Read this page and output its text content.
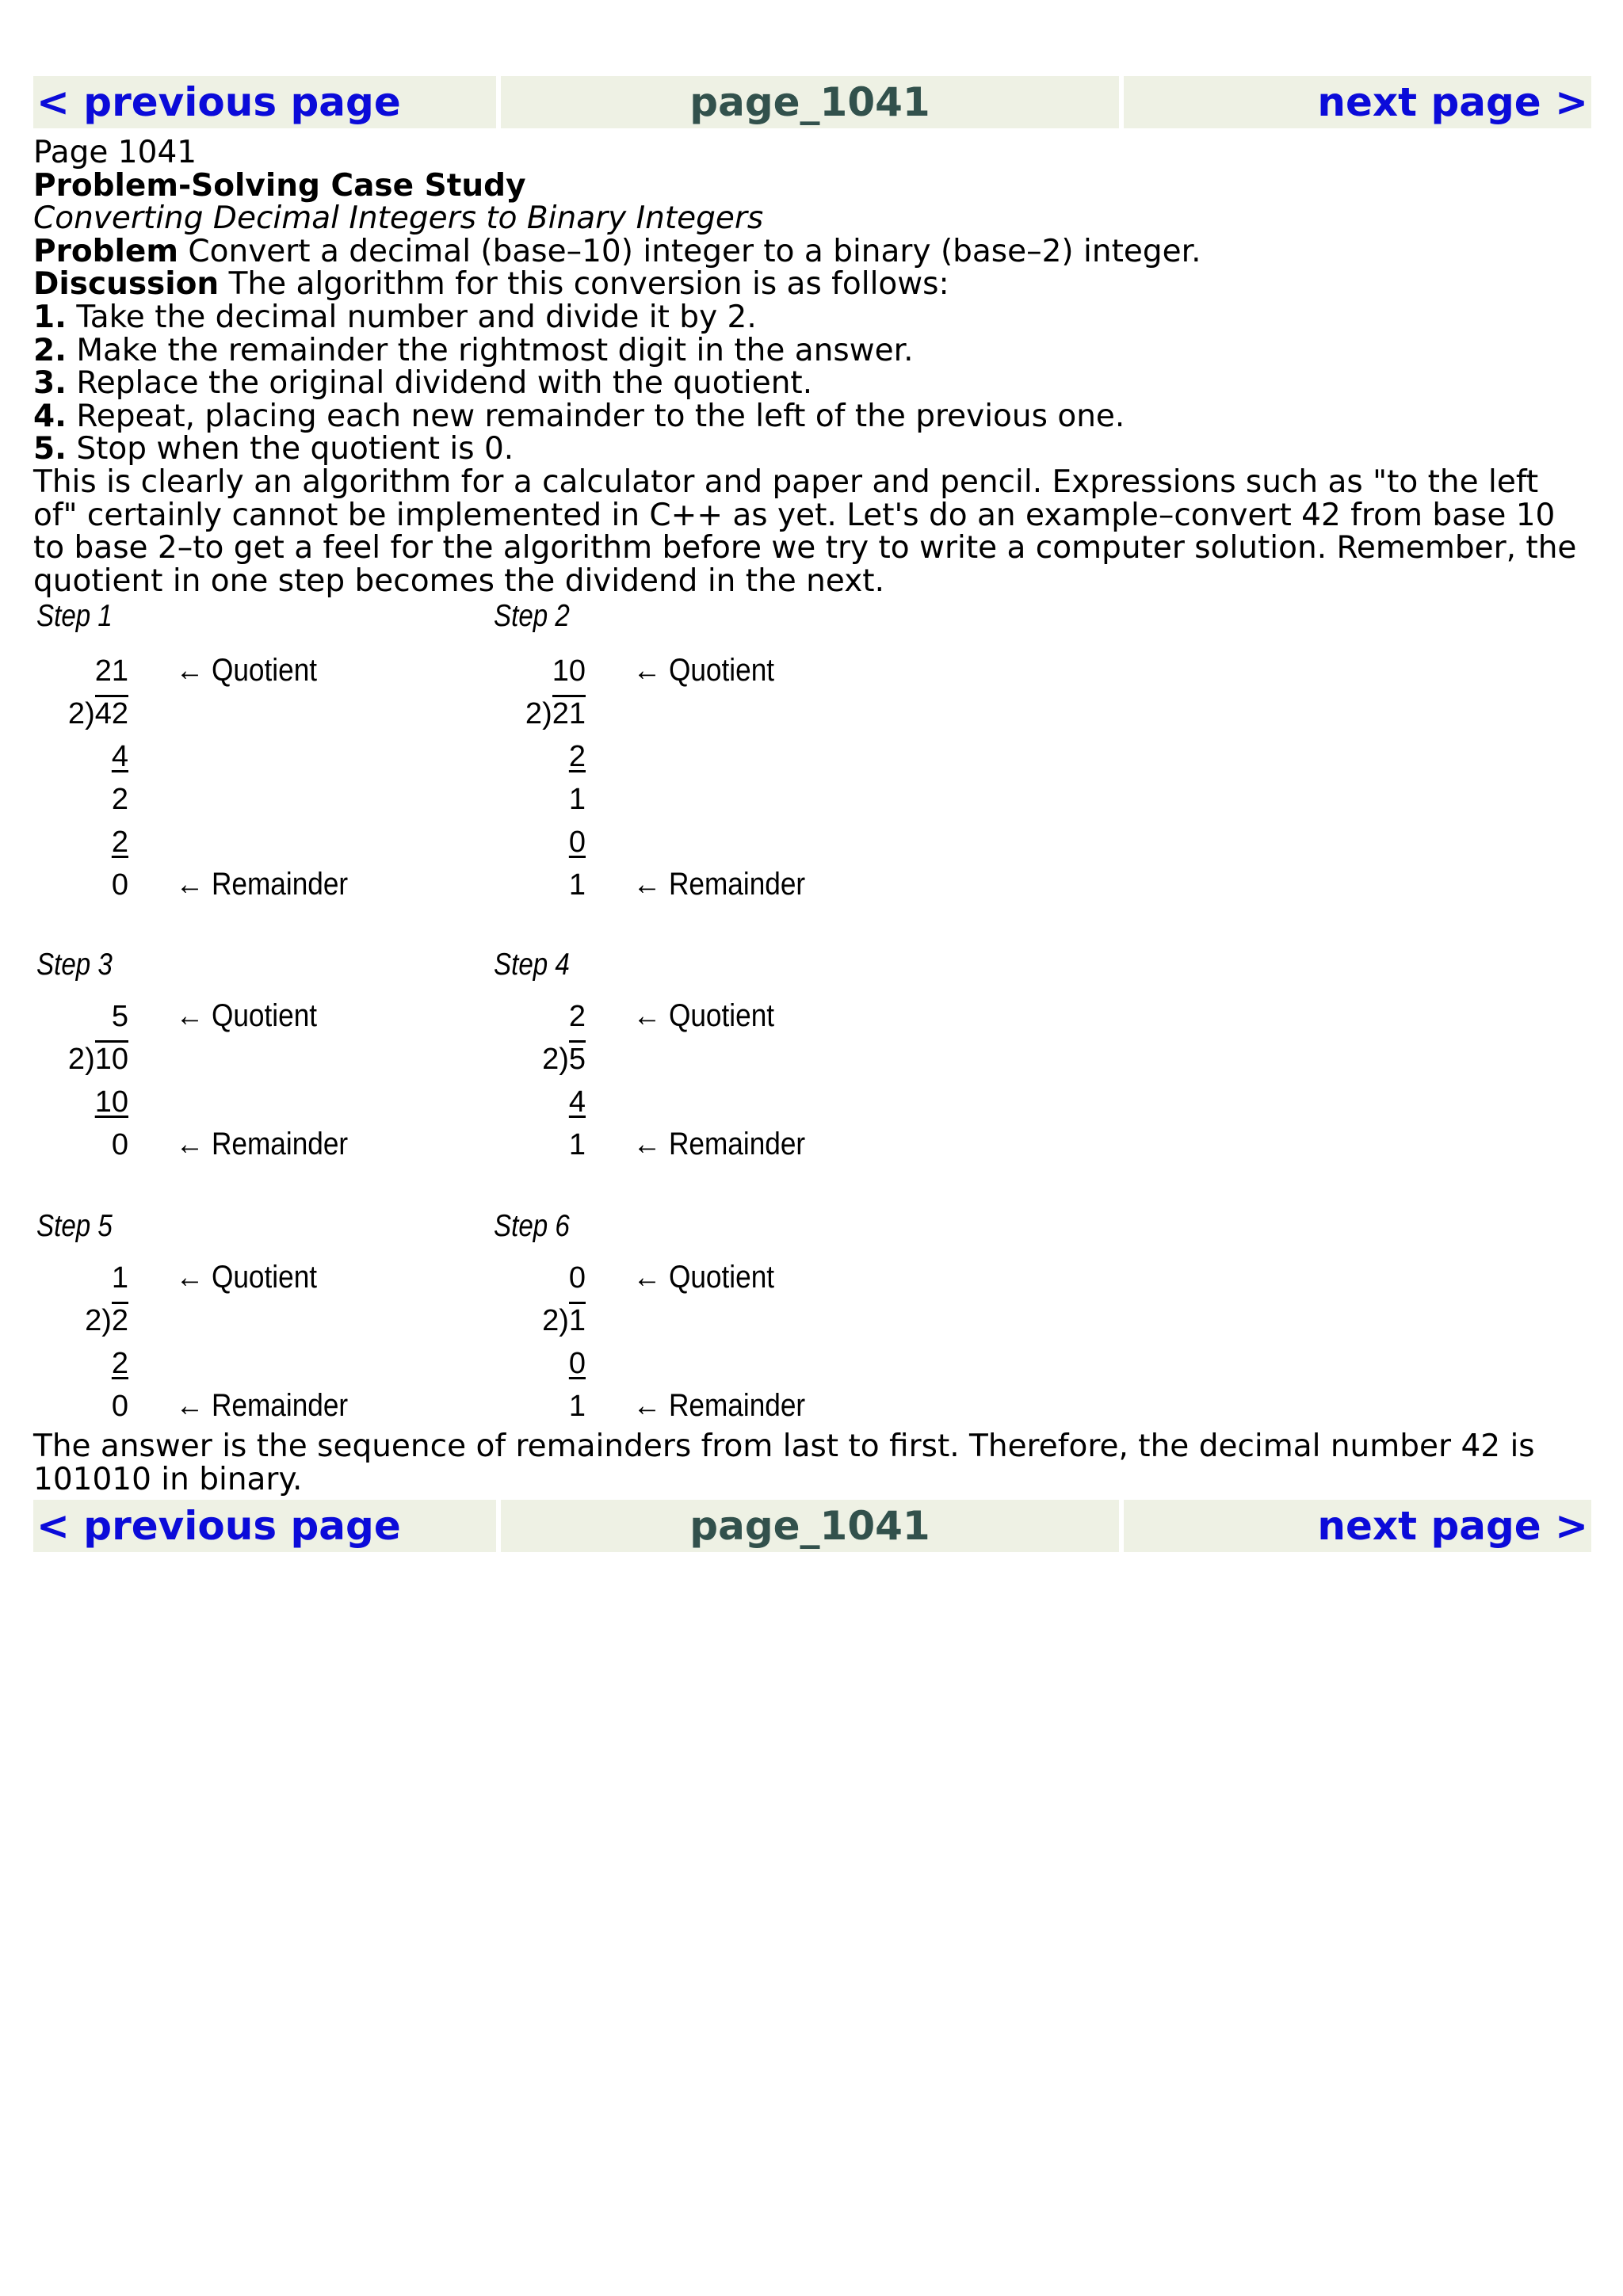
< previous page	page_1041	next page >

Page 1041

Problem-Solving Case Study

Converting Decimal Integers to Binary Integers

Problem Convert a decimal (base–10) integer to a binary (base–2) integer.

Discussion The algorithm for this conversion is as follows:

1. Take the decimal number and divide it by 2.

2. Make the remainder the rightmost digit in the answer.

3. Replace the original dividend with the quotient.

4. Repeat, placing each new remainder to the left of the previous one.

5. Stop when the quotient is 0.

This is clearly an algorithm for a calculator and paper and pencil. Expressions such as "to the left of" certainly cannot be implemented in C++ as yet. Let's do an example–convert 42 from base 10 to base 2–to get a feel for the algorithm before we try to write a computer solution. Remember, the quotient in one step becomes the dividend in the next.

Step 1
21 ← Quotient
2)42
4
2
2
0 ← Remainder
Step 2
10 ← Quotient
2)21
2
1
0
1 ← Remainder
Step 3
5 ← Quotient
2)10
10
0 ← Remainder
Step 4
2 ← Quotient
2)5
4
1 ← Remainder
Step 5
1 ← Quotient
2)2
2
0 ← Remainder
Step 6
0 ← Quotient
2)1
0
1 ← Remainder

The answer is the sequence of remainders from last to first. Therefore, the decimal number 42 is 101010 in binary.

< previous page	page_1041	next page >
